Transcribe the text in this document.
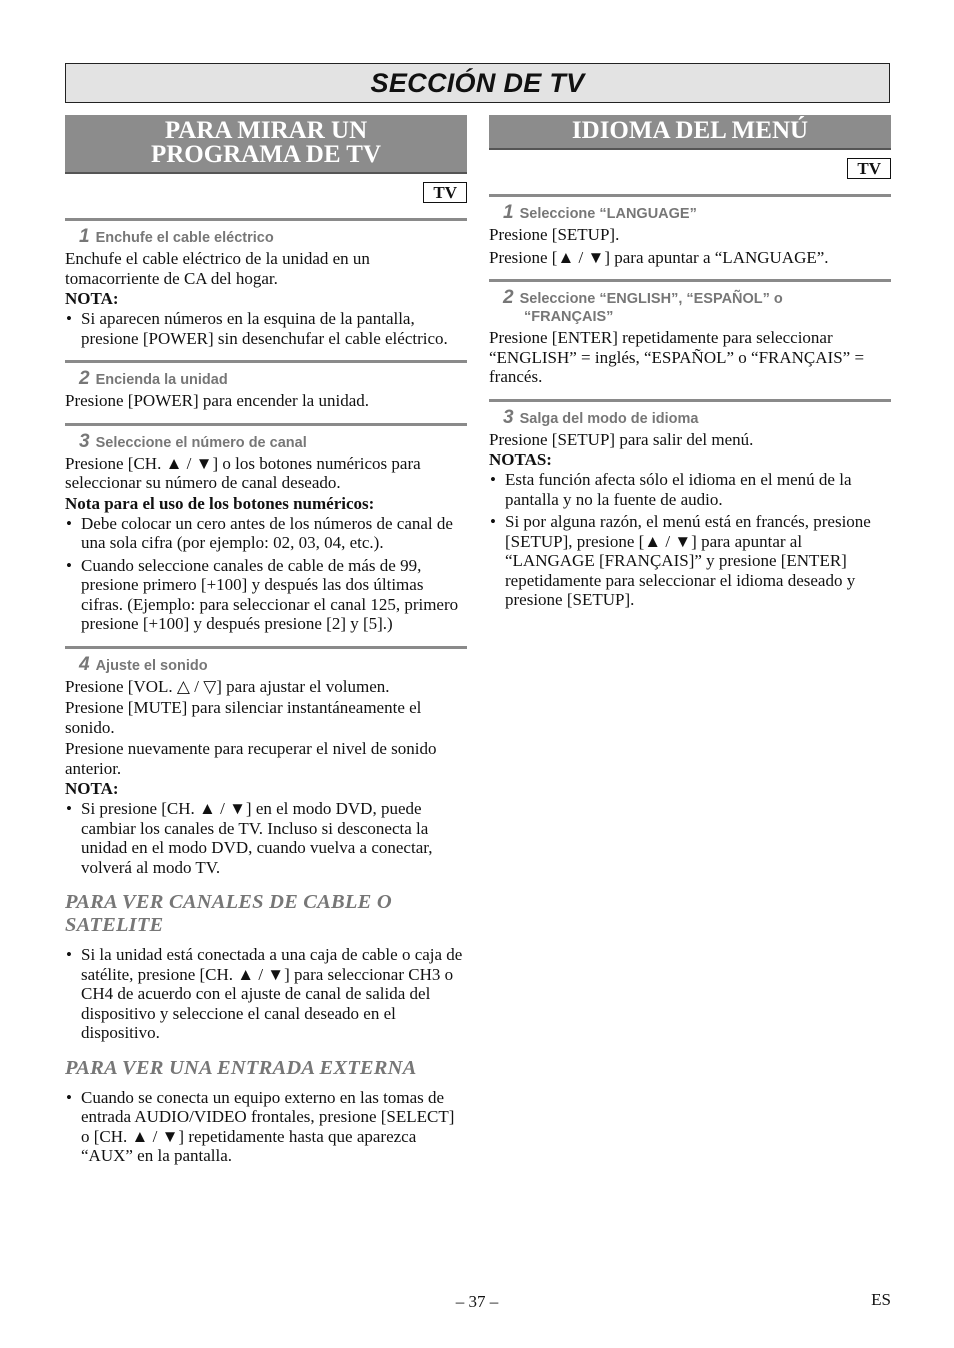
SECCIÓN DE TV
PARA MIRAR UN
PROGRAMA DE TV
TV
1 Enchufe el cable eléctrico

Enchufe el cable eléctrico de la unidad en un tomacorriente de CA del hogar.

NOTA:
• Si aparecen números en la esquina de la pantalla, presione [POWER] sin desenchufar el cable eléctrico.
2 Encienda la unidad

Presione [POWER] para encender la unidad.

3 Seleccione el número de canal

Presione [CH. ▲ / ▼] o los botones numéricos para seleccionar su número de canal deseado.

Nota para el uso de los botones numéricos:
• Debe colocar un cero antes de los números de canal de una sola cifra (por ejemplo: 02, 03, 04, etc.).
• Cuando seleccione canales de cable de más de 99, presione primero [+100] y después las dos últimas cifras. (Ejemplo: para seleccionar el canal 125, primero presione [+100] y después presione [2] y [5].)
4 Ajuste el sonido

Presione [VOL. △ / ▽] para ajustar el volumen.

Presione [MUTE] para silenciar instantáneamente el sonido.

Presione nuevamente para recuperar el nivel de sonido anterior.

NOTA:
• Si presione [CH. ▲ / ▼] en el modo DVD, puede cambiar los canales de TV. Incluso si desconecta la unidad en el modo DVD, cuando vuelva a conectar, volverá al modo TV.
PARA VER CANALES DE CABLE O SATELITE
• Si la unidad está conectada a una caja de cable o caja de satélite, presione [CH. ▲ / ▼] para seleccionar CH3 o CH4 de acuerdo con el ajuste de canal de salida del dispositivo y seleccione el canal deseado en el dispositivo.
PARA VER UNA ENTRADA EXTERNA
• Cuando se conecta un equipo externo en las tomas de entrada AUDIO/VIDEO frontales, presione [SELECT] o [CH. ▲ / ▼] repetidamente hasta que aparezca “AUX” en la pantalla.
IDIOMA DEL MENÚ
TV
1 Seleccione “LANGUAGE”

Presione [SETUP].

Presione [▲ / ▼] para apuntar a “LANGUAGE”.

2 Seleccione “ENGLISH”, “ESPAÑOL” o
“FRANÇAIS”

Presione [ENTER] repetidamente para seleccionar “ENGLISH” = inglés, “ESPAÑOL” o “FRANÇAIS” = francés.

3 Salga del modo de idioma

Presione [SETUP] para salir del menú.

NOTAS:
• Esta función afecta sólo el idioma en el menú de la pantalla y no la fuente de audio.
• Si por alguna razón, el menú está en francés, presione [SETUP], presione [▲ / ▼] para apuntar al “LANGAGE [FRANÇAIS]” y presione [ENTER] repetidamente para seleccionar el idioma deseado y presione [SETUP].
– 37 –	ES
